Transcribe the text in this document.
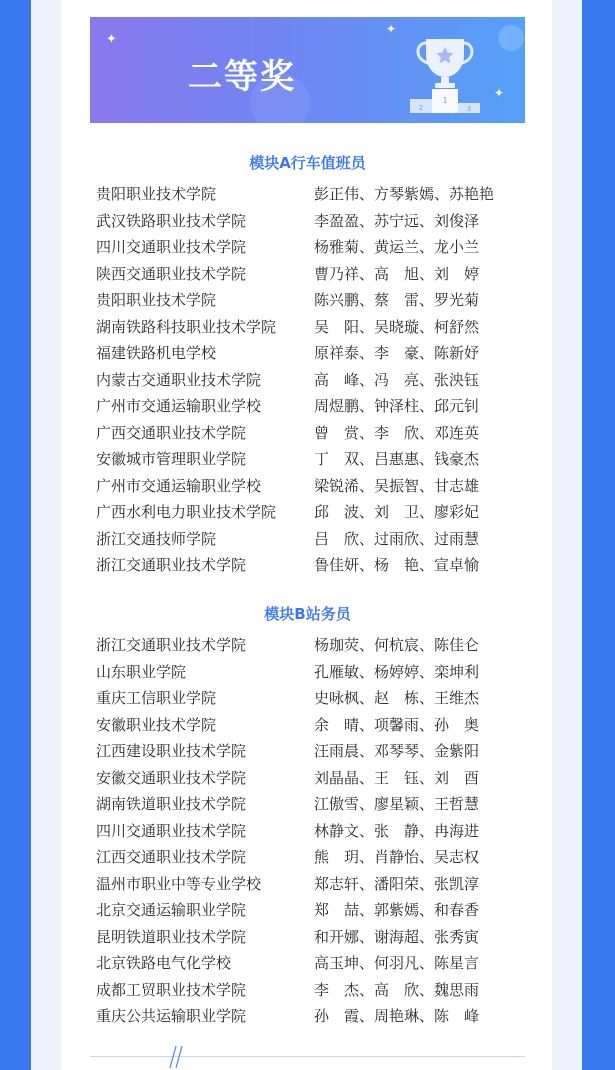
✦
✦
✦
二等奖
2
1
3
模块A行车值班员
贵阳职业技术学院	彭正伟、方琴紫嫣、苏艳艳
武汉铁路职业技术学院	李盈盈、苏宁远、刘俊泽
四川交通职业技术学院	杨雅菊、黄运兰、龙小兰
陕西交通职业技术学院	曹乃祥、高　旭、刘　婷
贵阳职业技术学院	陈兴鹏、蔡　雷、罗光菊
湖南铁路科技职业技术学院	吴　阳、吴晓璇、柯舒然
福建铁路机电学校	原祥泰、李　豪、陈新妤
内蒙古交通职业技术学院	高　峰、冯　亮、张泱钰
广州市交通运输职业学校	周煜鹏、钟泽柱、邱元钊
广西交通职业技术学院	曾　赏、李　欣、邓连英
安徽城市管理职业学院	丁　双、吕惠惠、钱豪杰
广州市交通运输职业学校	梁锐浠、吴振智、甘志雄
广西水利电力职业技术学院	邱　波、刘　卫、廖彩妃
浙江交通技师学院	吕　欣、过雨欣、过雨慧
浙江交通职业技术学院	鲁佳妍、杨　艳、宣卓愉
模块B站务员
浙江交通职业技术学院	杨珈荧、何杭宸、陈佳仑
山东职业学院	孔雁敏、杨婷婷、栾坤利
重庆工信职业学院	史咏枫、赵　栋、王维杰
安徽职业技术学院	余　晴、项馨雨、孙　奥
江西建设职业技术学院	汪雨晨、邓琴琴、金紫阳
安徽交通职业技术学院	刘晶晶、王　钰、刘　酉
湖南铁道职业技术学院	江傲雪、廖星颖、王哲慧
四川交通职业技术学院	林静文、张　静、冉海进
江西交通职业技术学院	熊　玥、肖静怡、吴志权
温州市职业中等专业学校	郑志轩、潘阳荣、张凯淳
北京交通运输职业学院	郑　喆、郭紫嫣、和春香
昆明铁道职业技术学院	和开娜、谢海超、张秀寅
北京铁路电气化学校	高玉坤、何羽凡、陈星言
成都工贸职业技术学院	李　杰、高　欣、魏思雨
重庆公共运输职业学院	孙　霞、周艳琳、陈　峰
